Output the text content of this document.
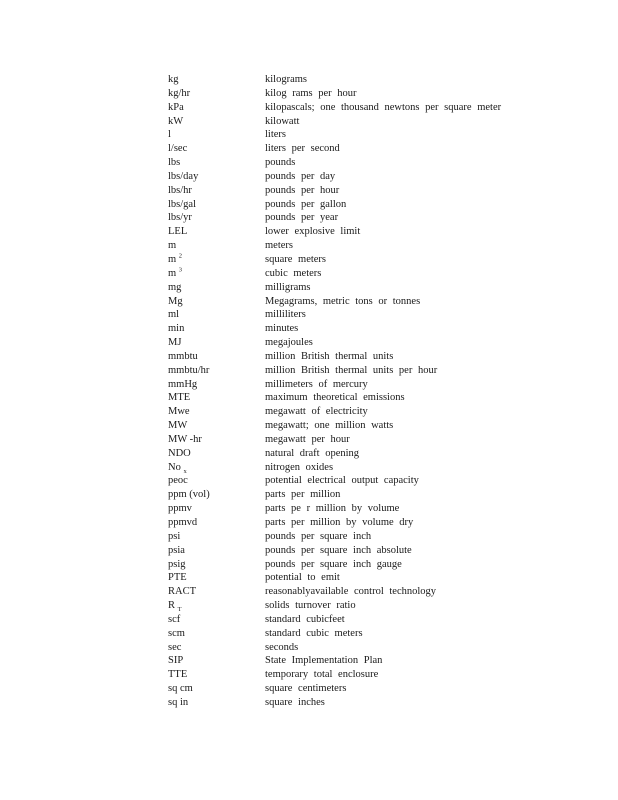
kg	kilograms
kg/hr	kilog rams per hour
kPa	kilopascals; one thousand newtons per square meter
kW	kilowatt
l	liters
l/sec	liters per second
lbs	pounds
lbs/day	pounds per day
lbs/hr	pounds per hour
lbs/gal	pounds per gallon
lbs/yr	pounds per year
LEL	lower explosive limit
m	meters
m $^2$	square meters
m $^3$	cubic meters
mg	milligrams
Mg	Megagrams, metric tons or tonnes
ml	milliliters
min	minutes
MJ	megajoules
mmbtu	million British thermal units
mmbtu/hr	million British thermal units per hour
mmHg	millimeters of mercury
MTE	maximum theoretical emissions
Mwe	megawatt of electricity
MW	megawatt; one million watts
MW -hr	megawatt per hour
NDO	natural draft opening
No $_x$	nitrogen oxides
peoc	potential electrical output capacity
ppm (vol)	parts per million
ppmv	parts pe r million by volume
ppmvd	parts per million by volume dry
psi	pounds per square inch
psia	pounds per square inch absolute
psig	pounds per square inch gauge
PTE	potential to emit
RACT	reasonablyavailable control technology
R $_T$	solids turnover ratio
scf	standard cubicfeet
scm	standard cubic meters
sec	seconds
SIP	State Implementation Plan
TTE	temporary total enclosure
sq cm	square centimeters
sq in	square inches
